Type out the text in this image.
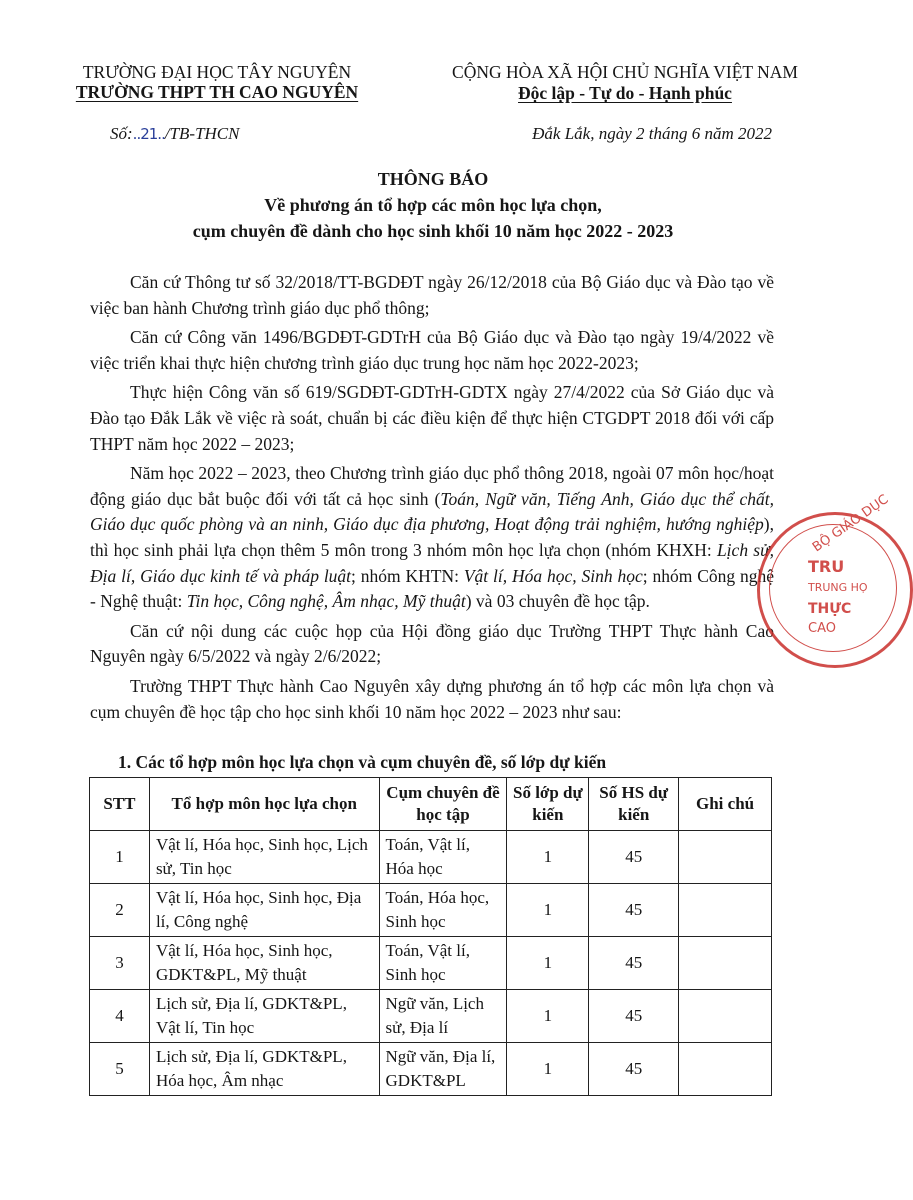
TRƯỜNG ĐẠI HỌC TÂY NGUYÊN
TRƯỜNG THPT TH CAO NGUYÊN
CỘNG HÒA XÃ HỘI CHỦ NGHĨA VIỆT NAM
Độc lập - Tự do - Hạnh phúc
Số:..21../TB-THCN	Đắk Lắk, ngày 2 tháng 6 năm 2022
THÔNG BÁO
Về phương án tổ hợp các môn học lựa chọn,
cụm chuyên đề dành cho học sinh khối 10 năm học 2022 - 2023

Căn cứ Thông tư số 32/2018/TT-BGDĐT ngày 26/12/2018 của Bộ Giáo dục và Đào tạo về việc ban hành Chương trình giáo dục phổ thông;

Căn cứ Công văn 1496/BGDĐT-GDTrH của Bộ Giáo dục và Đào tạo ngày 19/4/2022 về việc triển khai thực hiện chương trình giáo dục trung học năm học 2022-2023;

Thực hiện Công văn số 619/SGDĐT-GDTrH-GDTX ngày 27/4/2022 của Sở Giáo dục và Đào tạo Đắk Lắk về việc rà soát, chuẩn bị các điều kiện để thực hiện CTGDPT 2018 đối với cấp THPT năm học 2022 – 2023;

Năm học 2022 – 2023, theo Chương trình giáo dục phổ thông 2018, ngoài 07 môn học/hoạt động giáo dục bắt buộc đối với tất cả học sinh (Toán, Ngữ văn, Tiếng Anh, Giáo dục thể chất, Giáo dục quốc phòng và an ninh, Giáo dục địa phương, Hoạt động trải nghiệm, hướng nghiệp), thì học sinh phải lựa chọn thêm 5 môn trong 3 nhóm môn học lựa chọn (nhóm KHXH: Lịch sử, Địa lí, Giáo dục kinh tế và pháp luật; nhóm KHTN: Vật lí, Hóa học, Sinh học; nhóm Công nghệ - Nghệ thuật: Tin học, Công nghệ, Âm nhạc, Mỹ thuật) và 03 chuyên đề học tập.

Căn cứ nội dung các cuộc họp của Hội đồng giáo dục Trường THPT Thực hành Cao Nguyên ngày 6/5/2022 và ngày 2/6/2022;

Trường THPT Thực hành Cao Nguyên xây dựng phương án tổ hợp các môn lựa chọn và cụm chuyên đề học tập cho học sinh khối 10 năm học 2022 – 2023 như sau:

1. Các tổ hợp môn học lựa chọn và cụm chuyên đề, số lớp dự kiến
STT	Tổ hợp môn học lựa chọn	Cụm chuyên đề học tập	Số lớp dự kiến	Số HS dự kiến	Ghi chú
1	Vật lí, Hóa học, Sinh học, Lịch sử, Tin học	Toán, Vật lí, Hóa học	1	45	
2	Vật lí, Hóa học, Sinh học, Địa lí, Công nghệ	Toán, Hóa học, Sinh học	1	45	
3	Vật lí, Hóa học, Sinh học, GDKT&PL, Mỹ thuật	Toán, Vật lí, Sinh học	1	45	
4	Lịch sử, Địa lí, GDKT&PL, Vật lí, Tin học	Ngữ văn, Lịch sử, Địa lí	1	45	
5	Lịch sử, Địa lí, GDKT&PL, Hóa học, Âm nhạc	Ngữ văn, Địa lí, GDKT&PL	1	45	
BỘ GIÁO DỤC
TRU
TRUNG HỌ
THỰC
CAO
